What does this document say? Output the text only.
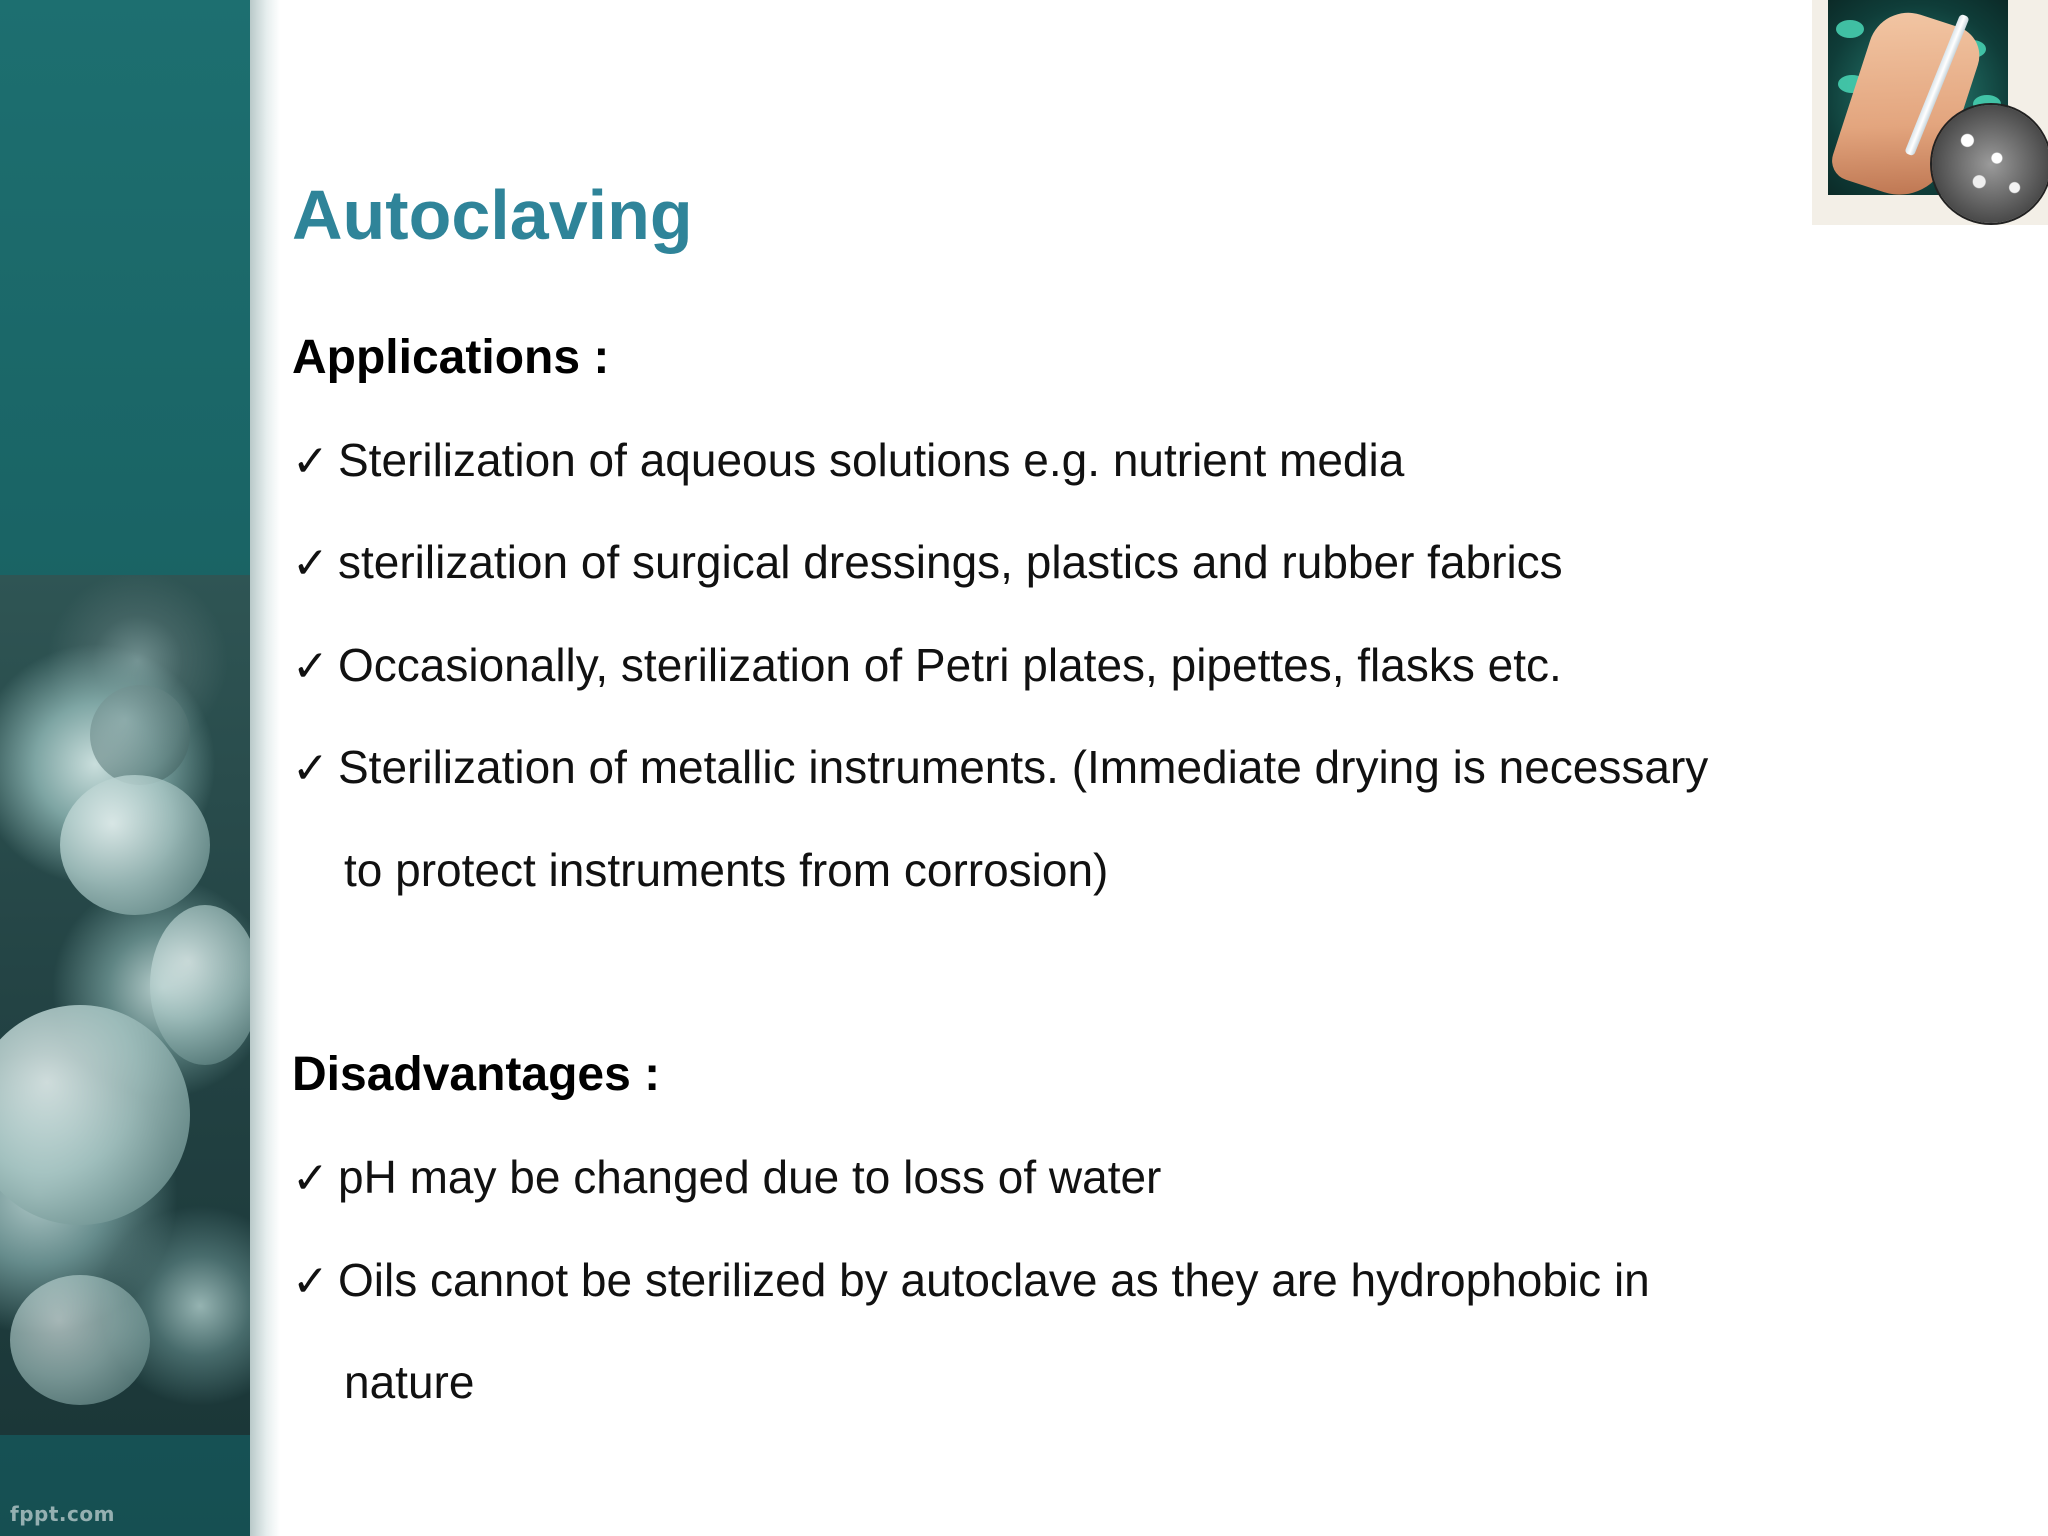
fppt.com
Autoclaving
Applications :
✓ Sterilization of aqueous solutions e.g. nutrient media
✓ sterilization of surgical dressings, plastics and rubber fabrics
✓ Occasionally, sterilization of Petri plates, pipettes, flasks etc.
✓ Sterilization of metallic instruments. (Immediate drying is necessary
to protect instruments from corrosion)
Disadvantages :
✓ pH may be changed due to loss of water
✓ Oils cannot be sterilized by autoclave as they are hydrophobic in
nature
